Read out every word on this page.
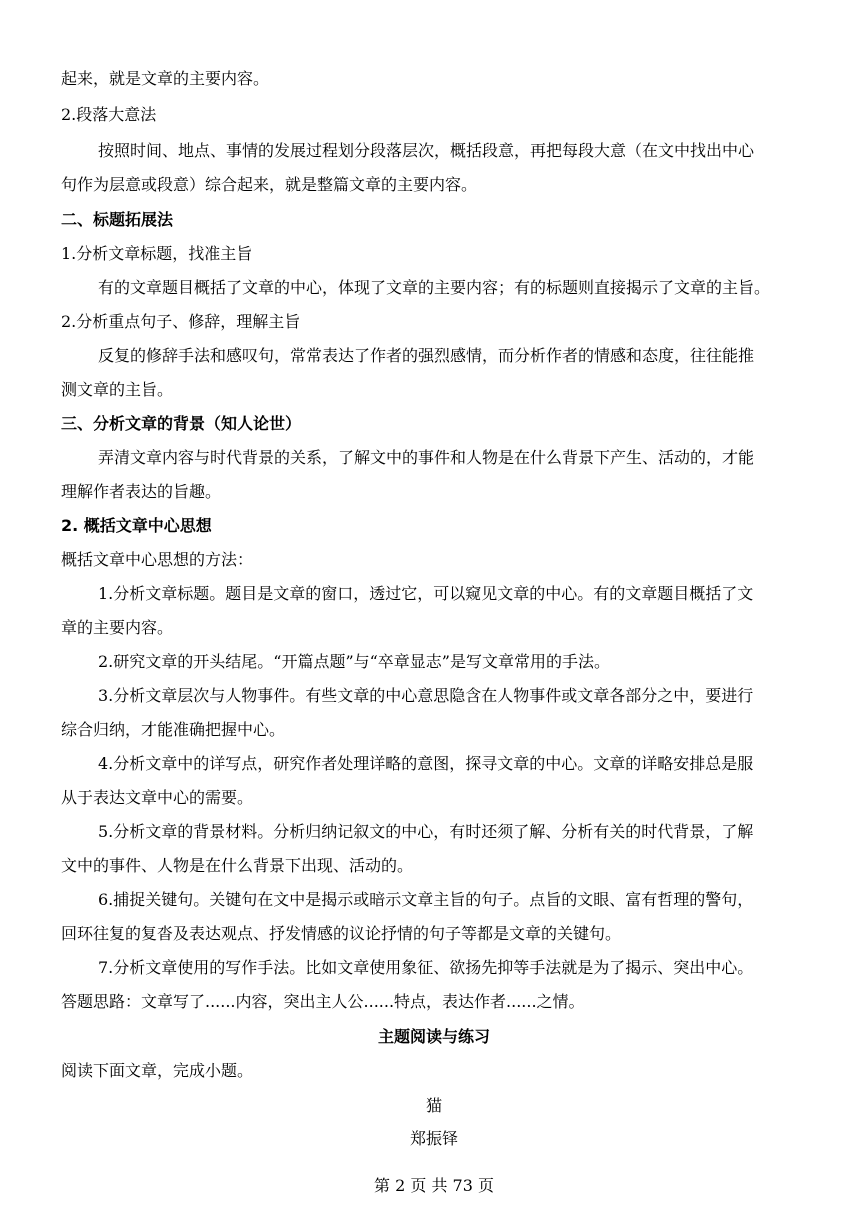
起来，就是文章的主要内容。
2.段落大意法
按照时间、地点、事情的发展过程划分段落层次，概括段意，再把每段大意（在文中找出中心
句作为层意或段意）综合起来，就是整篇文章的主要内容。
二、标题拓展法
1.分析文章标题，找准主旨
有的文章题目概括了文章的中心，体现了文章的主要内容；有的标题则直接揭示了文章的主旨。
2.分析重点句子、修辞，理解主旨
反复的修辞手法和感叹句，常常表达了作者的强烈感情，而分析作者的情感和态度，往往能推
测文章的主旨。
三、分析文章的背景（知人论世）
弄清文章内容与时代背景的关系，了解文中的事件和人物是在什么背景下产生、活动的，才能
理解作者表达的旨趣。
2. 概括文章中心思想
概括文章中心思想的方法：
1.分析文章标题。题目是文章的窗口，透过它，可以窥见文章的中心。有的文章题目概括了文
章的主要内容。
2.研究文章的开头结尾。“开篇点题”与“卒章显志”是写文章常用的手法。
3.分析文章层次与人物事件。有些文章的中心意思隐含在人物事件或文章各部分之中，要进行
综合归纳，才能准确把握中心。
4.分析文章中的详写点，研究作者处理详略的意图，探寻文章的中心。文章的详略安排总是服
从于表达文章中心的需要。
5.分析文章的背景材料。分析归纳记叙文的中心，有时还须了解、分析有关的时代背景，了解
文中的事件、人物是在什么背景下出现、活动的。
6.捕捉关键句。关键句在文中是揭示或暗示文章主旨的句子。点旨的文眼、富有哲理的警句，
回环往复的复沓及表达观点、抒发情感的议论抒情的句子等都是文章的关键句。
7.分析文章使用的写作手法。比如文章使用象征、欲扬先抑等手法就是为了揭示、突出中心。
答题思路：文章写了......内容，突出主人公......特点，表达作者......之情。
主题阅读与练习
阅读下面文章，完成小题。
猫
郑振铎
第 2 页 共 73 页
